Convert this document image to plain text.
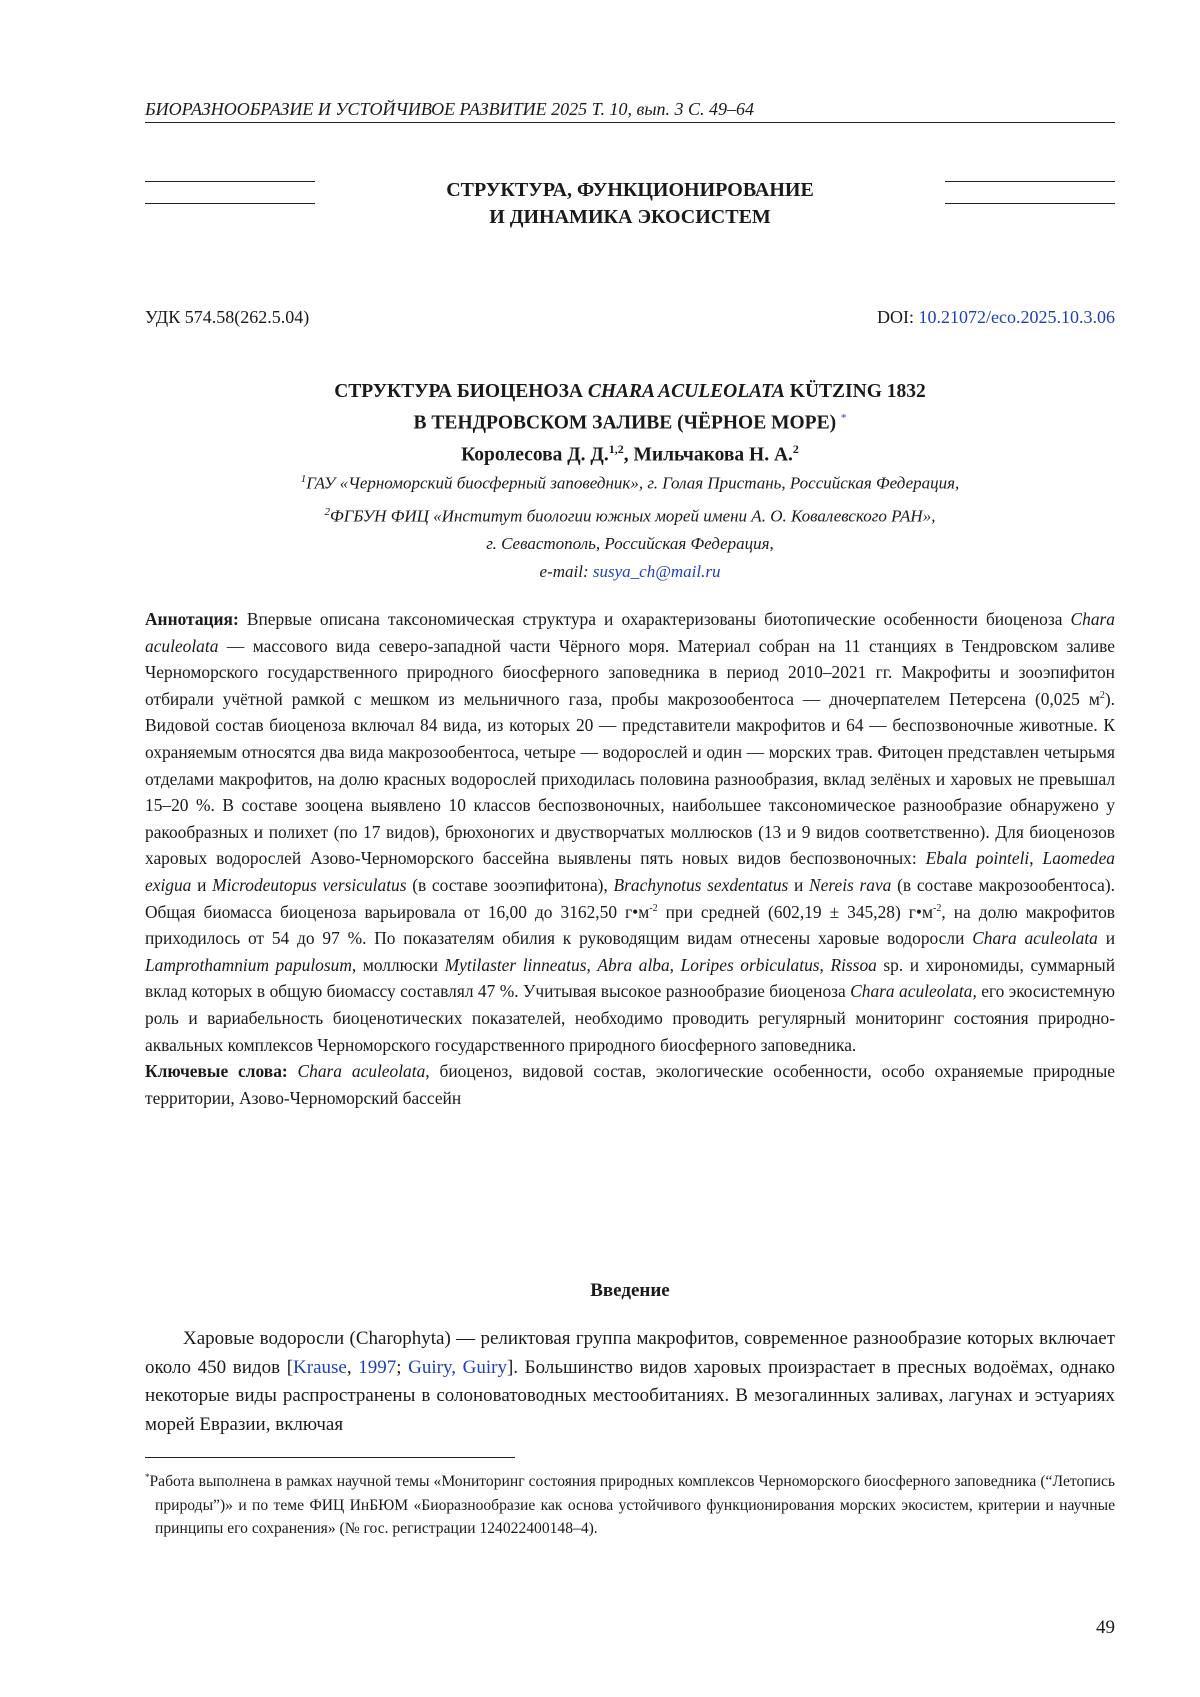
БИОРАЗНООБРАЗИЕ И УСТОЙЧИВОЕ РАЗВИТИЕ 2025 Т. 10, вып. 3 С. 49–64
СТРУКТУРА, ФУНКЦИОНИРОВАНИЕ
И ДИНАМИКА ЭКОСИСТЕМ
УДК 574.58(262.5.04)	DOI: 10.21072/eco.2025.10.3.06
СТРУКТУРА БИОЦЕНОЗА CHARA ACULEOLATA KÜTZING 1832
В ТЕНДРОВСКОМ ЗАЛИВЕ (ЧЁРНОЕ МОРЕ) *
Королесова Д. Д.$^{1,2}$, Мильчакова Н. А.$^2$
$^1$ГАУ «Черноморский биосферный заповедник», г. Голая Пристань, Российская Федерация,
$^2$ФГБУН ФИЦ «Институт биологии южных морей имени А. О. Ковалевского РАН»,
г. Севастополь, Российская Федерация,
e-mail: susya_ch@mail.ru

Аннотация: Впервые описана таксономическая структура и охарактеризованы биотопические особенности биоценоза Chara aculeolata — массового вида северо-западной части Чёрного моря. Материал собран на 11 станциях в Тендровском заливе Черноморского государственного природного биосферного заповедника в период 2010–2021 гг. Макрофиты и зооэпифитон отбирали учётной рамкой с мешком из мельничного газа, пробы макрозообентоса — дночерпателем Петерсена (0,025 $м^2$). Видовой состав биоценоза включал 84 вида, из которых 20 — представители макрофитов и 64 — беспозвоночные животные. К охраняемым относятся два вида макрозообентоса, четыре — водорослей и один — морских трав. Фитоцен представлен четырьмя отделами макрофитов, на долю красных водорослей приходилась половина разнообразия, вклад зелёных и харовых не превышал 15–20 %. В составе зооцена выявлено 10 классов беспозвоночных, наибольшее таксономическое разнообразие обнаружено у ракообразных и полихет (по 17 видов), брюхоногих и двустворчатых моллюсков (13 и 9 видов соответственно). Для биоценозов харовых водорослей Азово-Черноморского бассейна выявлены пять новых видов беспозвоночных: Ebala pointeli, Laomedea exigua и Microdeutopus versiculatus (в составе зооэпифитона), Brachynotus sexdentatus и Nereis rava (в составе макрозообентоса). Общая биомасса биоценоза варьировала от 16,00 до 3162,50 $г•м^{-2}$ при средней (602,19 ± 345,28) $г•м^{-2}$, на долю макрофитов приходилось от 54 до 97 %. По показателям обилия к руководящим видам отнесены харовые водоросли Chara aculeolata и Lamprothamnium papulosum, моллюски Mytilaster linneatus, Abra alba, Loripes orbiculatus, Rissoa sp. и хирономиды, суммарный вклад которых в общую биомассу составлял 47 %. Учитывая высокое разнообразие биоценоза Chara aculeolata, его экосистемную роль и вариабельность биоценотических показателей, необходимо проводить регулярный мониторинг состояния природно-аквальных комплексов Черноморского государственного природного биосферного заповедника.

Ключевые слова: Chara aculeolata, биоценоз, видовой состав, экологические особенности, особо охраняемые природные территории, Азово-Черноморский бассейн

Введение

Харовые водоросли (Charophyta) — реликтовая группа макрофитов, современное разнообразие которых включает около 450 видов [Krause, 1997; Guiry, Guiry]. Большинство видов харовых произрастает в пресных водоёмах, однако некоторые виды распространены в солоноватоводных местообитаниях. В мезогалинных заливах, лагунах и эстуариях морей Евразии, включая

*Работа выполнена в рамках научной темы «Мониторинг состояния природных комплексов Черноморского биосферного заповедника (“Летопись природы”)» и по теме ФИЦ ИнБЮМ «Биоразнообразие как основа устойчивого функционирования морских экосистем, критерии и научные принципы его сохранения» (№ гос. регистрации 124022400148–4).

49
